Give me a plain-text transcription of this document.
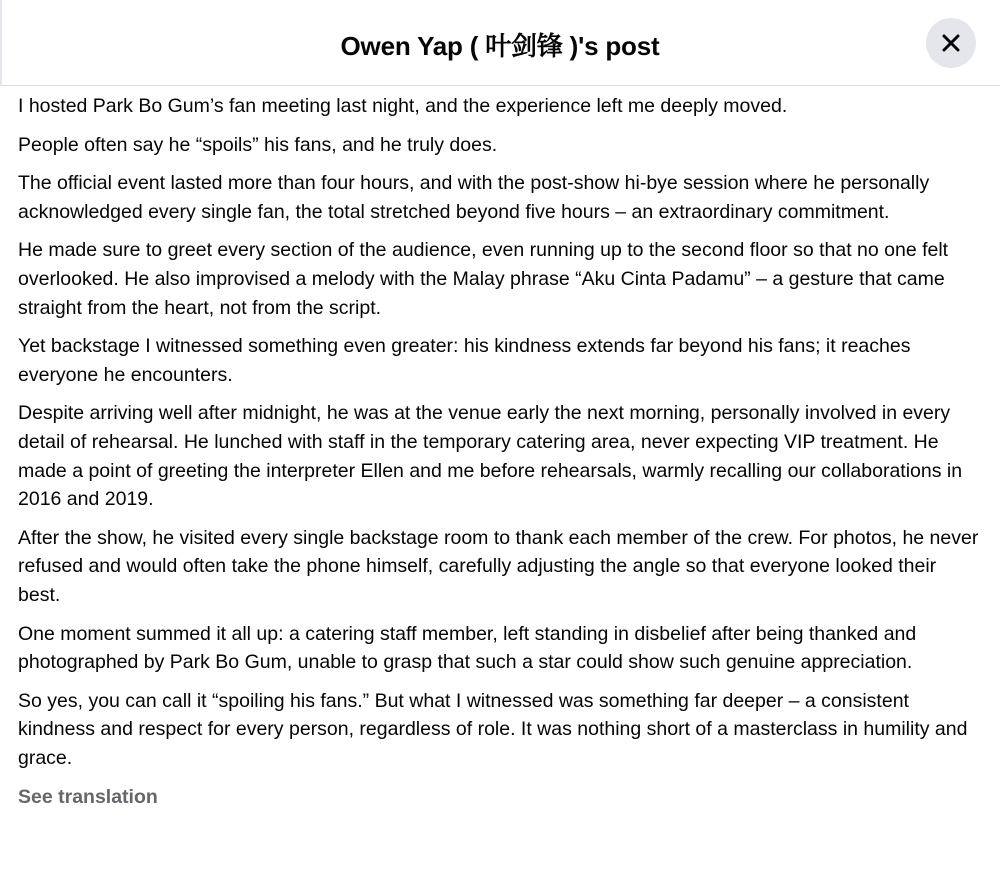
Owen Yap ( 叶剑锋 )'s post

I hosted Park Bo Gum’s fan meeting last night, and the experience left me deeply moved.

People often say he “spoils” his fans, and he truly does.

The official event lasted more than four hours, and with the post-show hi-bye session where he personally acknowledged every single fan, the total stretched beyond five hours – an extraordinary commitment.

He made sure to greet every section of the audience, even running up to the second floor so that no one felt overlooked. He also improvised a melody with the Malay phrase “Aku Cinta Padamu” – a gesture that came straight from the heart, not from the script.

Yet backstage I witnessed something even greater: his kindness extends far beyond his fans; it reaches everyone he encounters.

Despite arriving well after midnight, he was at the venue early the next morning, personally involved in every detail of rehearsal. He lunched with staff in the temporary catering area, never expecting VIP treatment. He made a point of greeting the interpreter Ellen and me before rehearsals, warmly recalling our collaborations in 2016 and 2019.

After the show, he visited every single backstage room to thank each member of the crew. For photos, he never refused and would often take the phone himself, carefully adjusting the angle so that everyone looked their best.

One moment summed it all up: a catering staff member, left standing in disbelief after being thanked and photographed by Park Bo Gum, unable to grasp that such a star could show such genuine appreciation.

So yes, you can call it “spoiling his fans.” But what I witnessed was something far deeper – a consistent kindness and respect for every person, regardless of role. It was nothing short of a masterclass in humility and grace.

See translation
